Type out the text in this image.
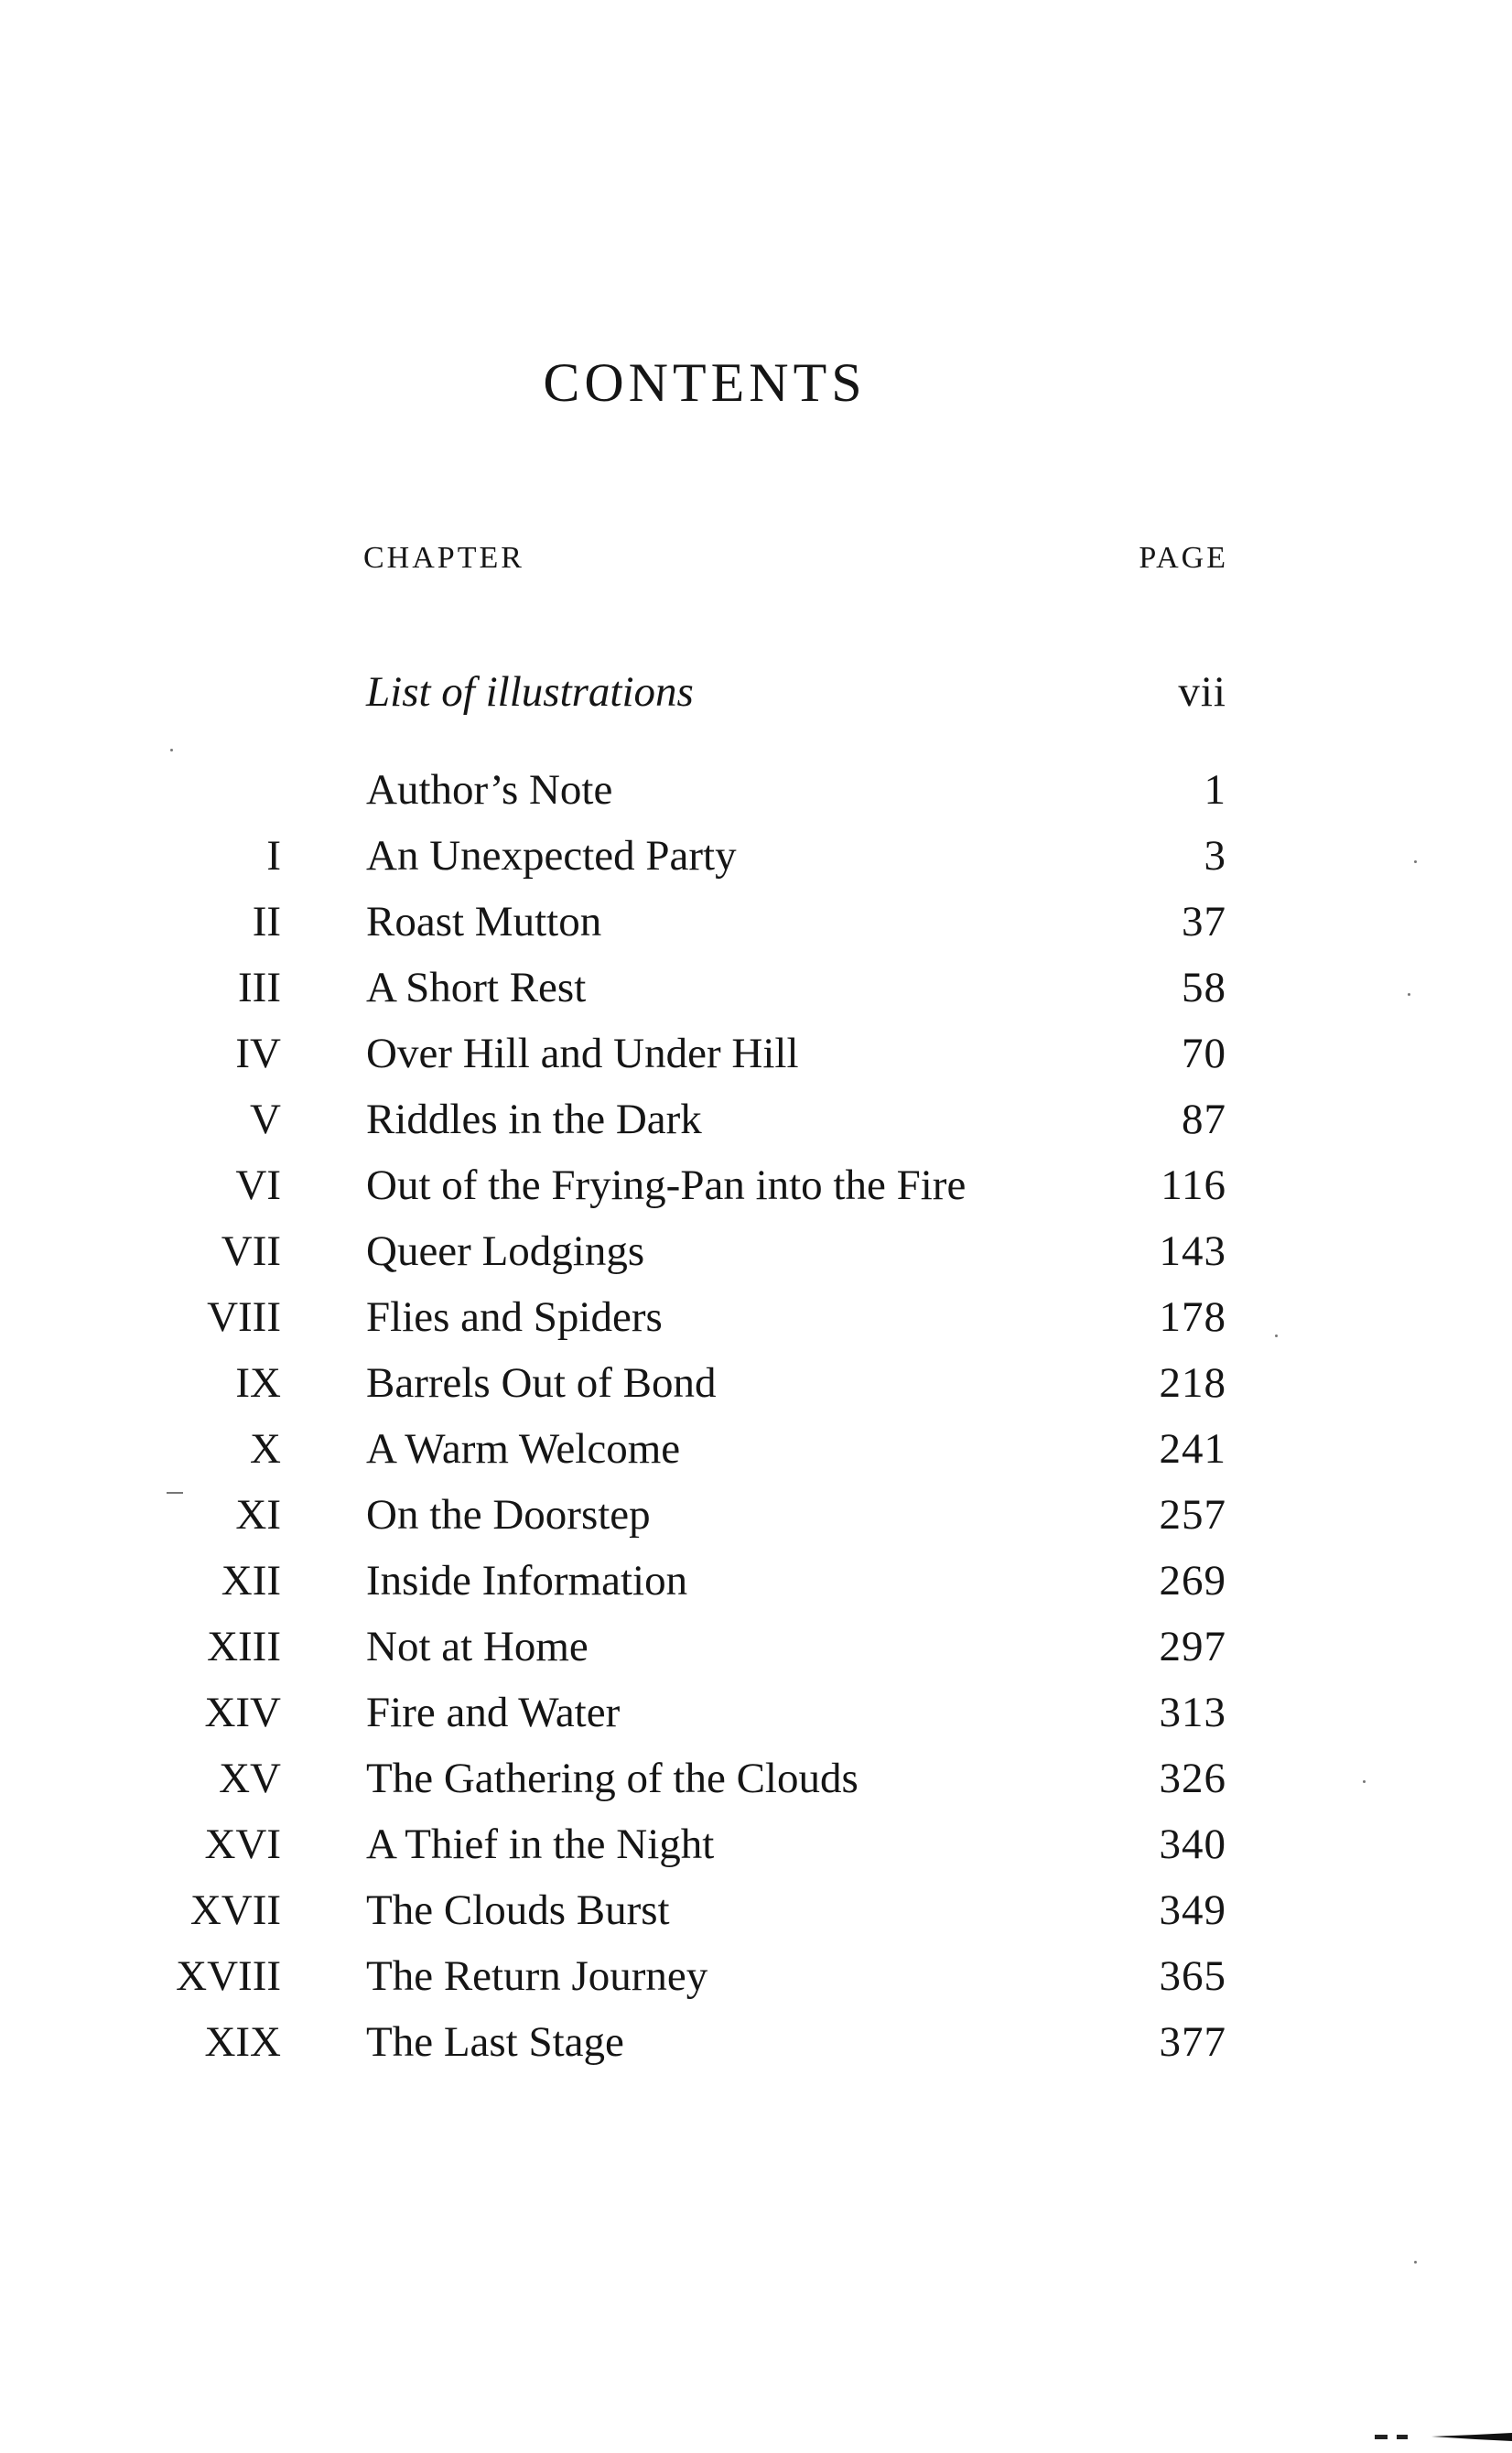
CONTENTS
CHAPTER	PAGE
List of illustrations	vii
Author’s Note	1
I An Unexpected Party	3
II Roast Mutton	37
III A Short Rest	58
IV Over Hill and Under Hill	70
V Riddles in the Dark	87
VI Out of the Frying-Pan into the Fire	116
VII Queer Lodgings	143
VIII Flies and Spiders	178
IX Barrels Out of Bond	218
X A Warm Welcome	241
XI On the Doorstep	257
XII Inside Information	269
XIII Not at Home	297
XIV Fire and Water	313
XV The Gathering of the Clouds	326
XVI A Thief in the Night	340
XVII The Clouds Burst	349
XVIII The Return Journey	365
XIX The Last Stage	377
